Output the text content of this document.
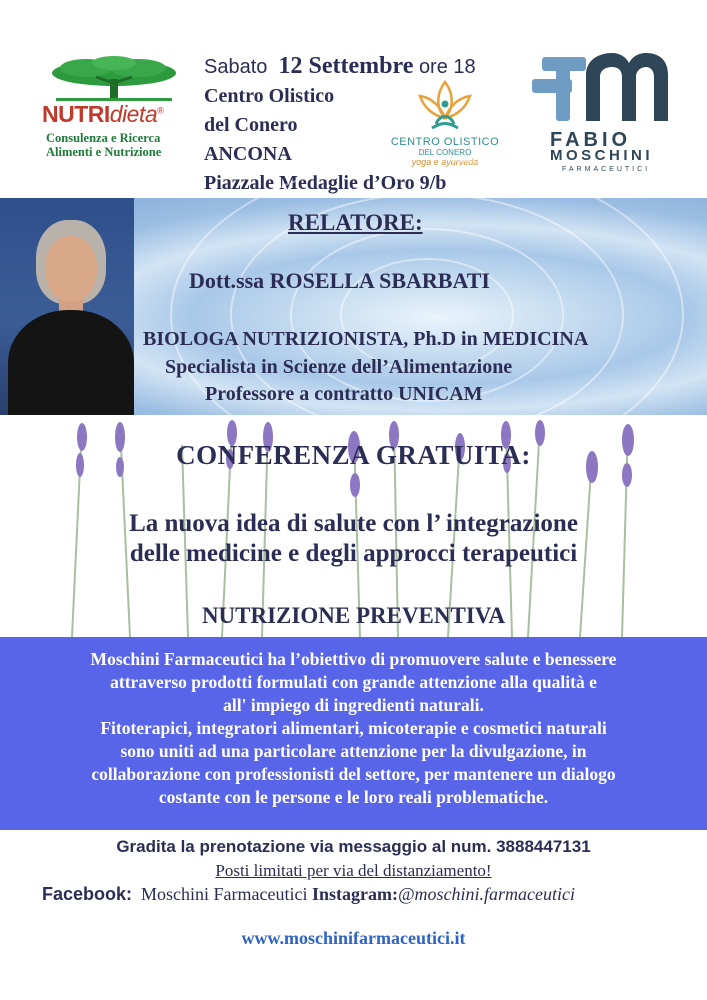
NUTRIdieta®
Consulenza e Ricerca
Alimenti e Nutrizione
Sabato 12 Settembre ore 18
Centro Olistico
del Conero
ANCONA
Piazzale Medaglie d’Oro 9/b
CENTRO OLISTICO
DEL CONERO
yoga e ayurveda
FABIO
MOSCHINI
FARMACEUTICI
RELATORE:
Dott.ssa ROSELLA SBARBATI
BIOLOGA NUTRIZIONISTA, Ph.D in MEDICINA
Specialista in Scienze dell’Alimentazione
Professore a contratto UNICAM
CONFERENZA GRATUITA:
La nuova idea di salute con l’ integrazione
delle medicine e degli approcci terapeutici
NUTRIZIONE PREVENTIVA
Moschini Farmaceutici ha l’obiettivo di promuovere salute e benessere
attraverso prodotti formulati con grande attenzione alla qualità e
all' impiego di ingredienti naturali.
Fitoterapici, integratori alimentari, micoterapie e cosmetici naturali
sono uniti ad una particolare attenzione per la divulgazione, in
collaborazione con professionisti del settore, per mantenere un dialogo
costante con le persone e le loro reali problematiche.
Gradita la prenotazione via messaggio al num. 3888447131
Posti limitati per via del distanziamento!
Facebook: Moschini Farmaceutici Instagram:@moschini.farmaceutici
www.moschinifarmaceutici.it
